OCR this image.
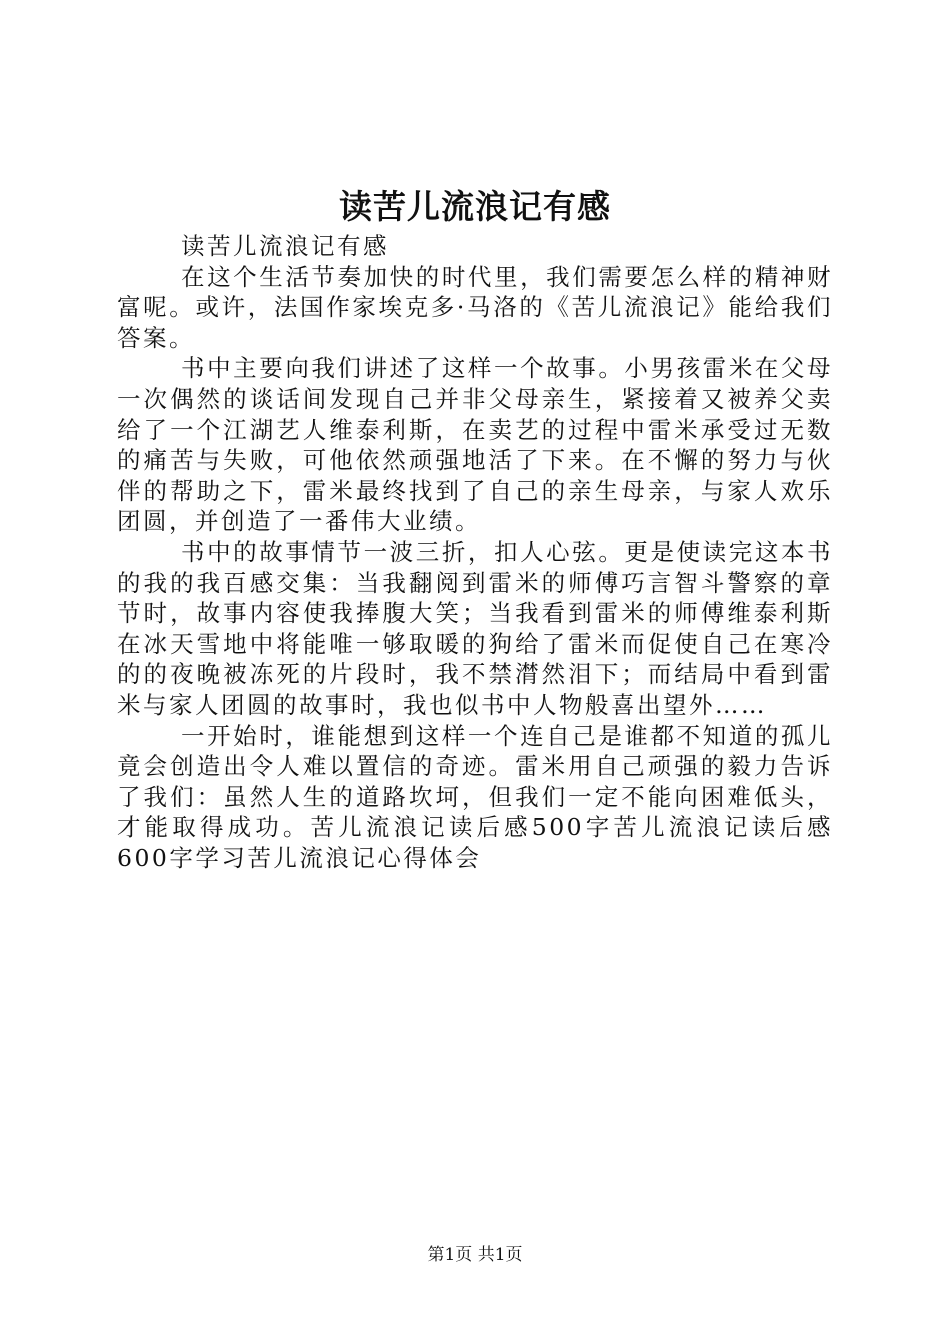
读苦儿流浪记有感

读苦儿流浪记有感

在这个生活节奏加快的时代里，我们需要怎么样的精神财富呢。或许，法国作家埃克多·马洛的《苦儿流浪记》能给我们答案。

书中主要向我们讲述了这样一个故事。小男孩雷米在父母一次偶然的谈话间发现自己并非父母亲生，紧接着又被养父卖给了一个江湖艺人维泰利斯，在卖艺的过程中雷米承受过无数的痛苦与失败，可他依然顽强地活了下来。在不懈的努力与伙伴的帮助之下，雷米最终找到了自己的亲生母亲，与家人欢乐团圆，并创造了一番伟大业绩。

书中的故事情节一波三折，扣人心弦。更是使读完这本书的我的我百感交集：当我翻阅到雷米的师傅巧言智斗警察的章节时，故事内容使我捧腹大笑；当我看到雷米的师傅维泰利斯在冰天雪地中将能唯一够取暖的狗给了雷米而促使自己在寒冷的的夜晚被冻死的片段时，我不禁潸然泪下；而结局中看到雷米与家人团圆的故事时，我也似书中人物般喜出望外……

一开始时，谁能想到这样一个连自己是谁都不知道的孤儿竟会创造出令人难以置信的奇迹。雷米用自己顽强的毅力告诉了我们：虽然人生的道路坎坷，但我们一定不能向困难低头，才能取得成功。苦儿流浪记读后感500字苦儿流浪记读后感600字学习苦儿流浪记心得体会

第1页 共1页
